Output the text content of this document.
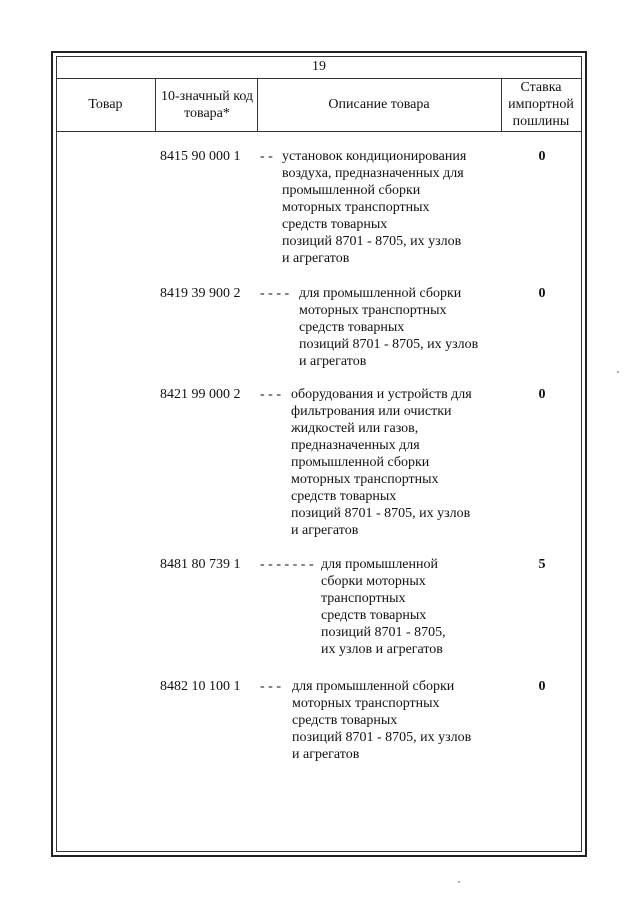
19
Товар
10-значный код товара*
Описание товара
Ставка импортной пошлины
8415 90 000 1 - - установок кондиционирования
воздуха, предназначенных для
промышленной сборки
моторных транспортных
средств товарных
позиций 8701 - 8705, их узлов
и агрегатов
0
8419 39 900 2 - - - - для промышленной сборки
моторных транспортных
средств товарных
позиций 8701 - 8705, их узлов
и агрегатов
0
8421 99 000 2 - - - оборудования и устройств для
фильтрования или очистки
жидкостей или газов,
предназначенных для
промышленной сборки
моторных транспортных
средств товарных
позиций 8701 - 8705, их узлов
и агрегатов
0
8481 80 739 1 - - - - - - - для промышленной
сборки моторных
транспортных
средств товарных
позиций 8701 - 8705,
их узлов и агрегатов
5
8482 10 100 1 - - - для промышленной сборки
моторных транспортных
средств товарных
позиций 8701 - 8705, их узлов
и агрегатов
0
